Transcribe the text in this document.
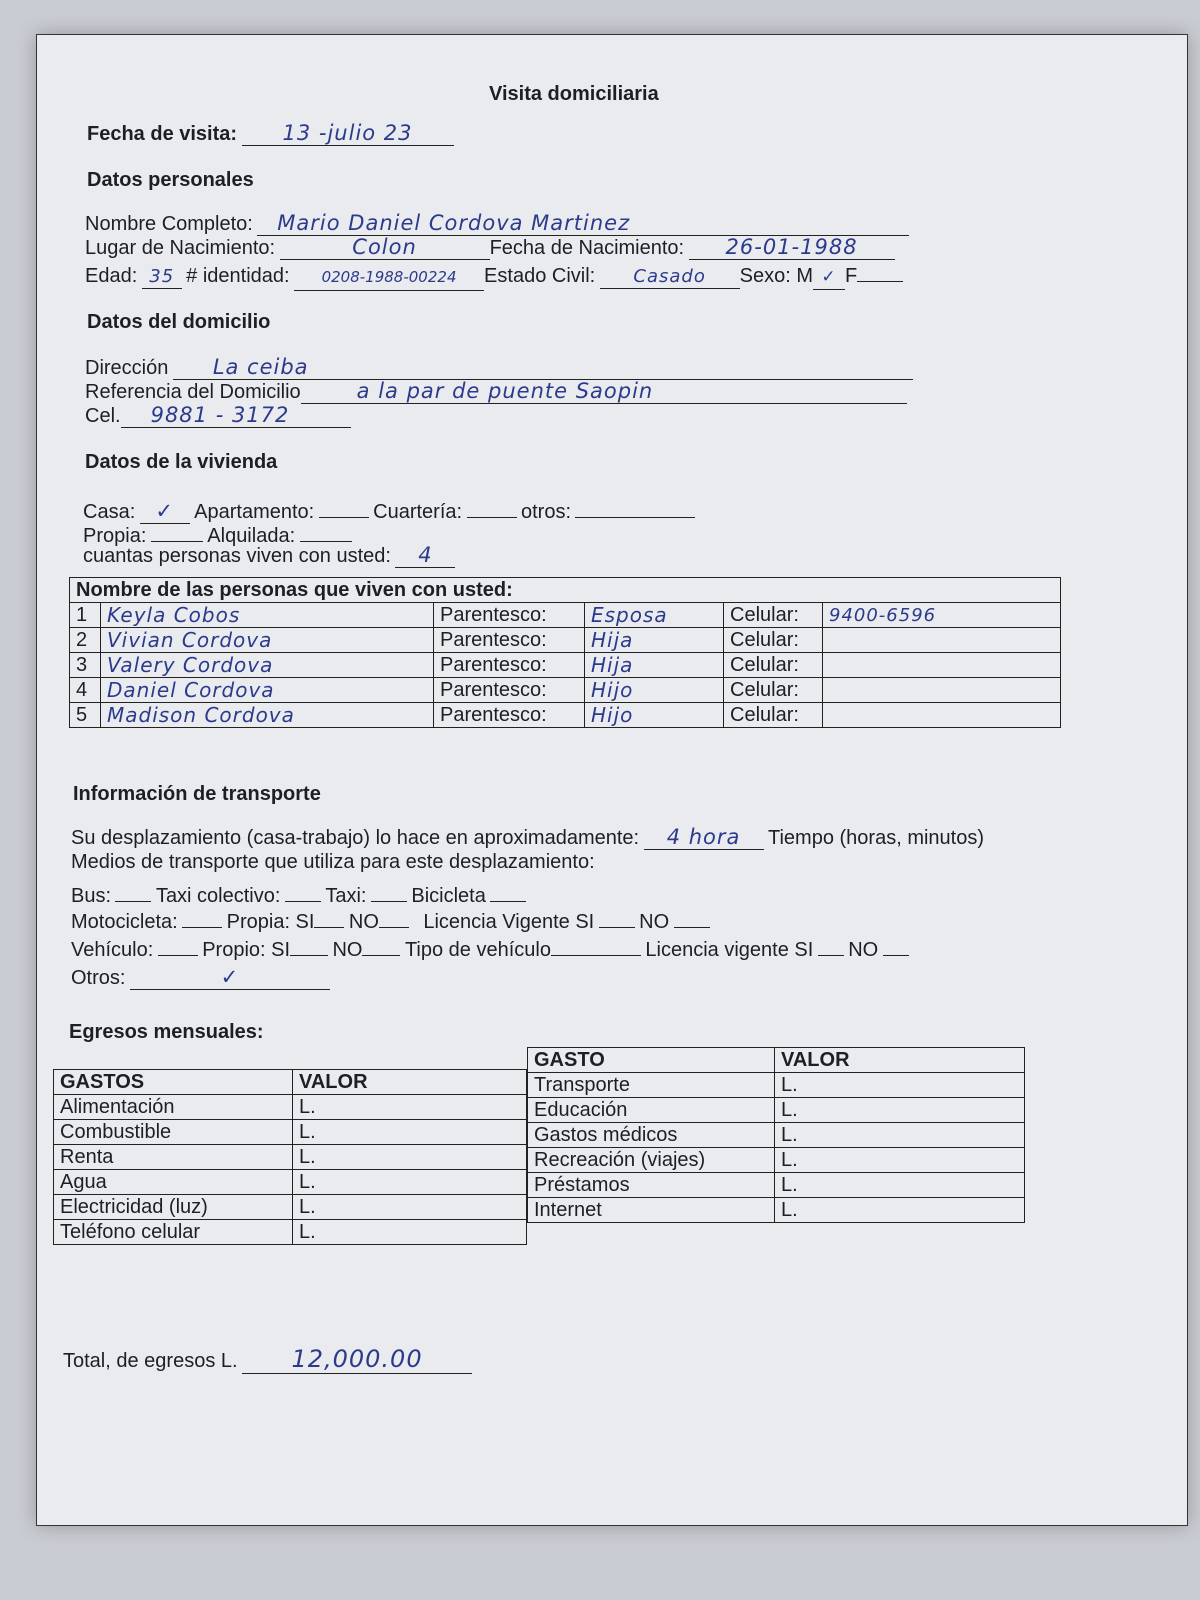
Visita domiciliaria
Fecha de visita: 13 -julio 23
Datos personales
Nombre Completo: Mario Daniel Cordova Martinez
Lugar de Nacimiento:	Colon	Fecha de Nacimiento: 26-01-1988
Edad: 35 # identidad: 0208-1988-00224 Estado Civil: Casado Sexo: M ✓ F
Datos del domicilio
Dirección La ceiba
Referencia del Domicilio	a la par de puente Saopin
Cel. 9881 - 3172
Datos de la vivienda
Casa: ✓ Apartamento:	Cuartería:	otros:
Propia:	Alquilada:
cuantas personas viven con usted: 4
Nombre de las personas que viven con usted:					
1	Keyla Cobos	Parentesco:	Esposa	Celular:	9400-6596
2	Vivian Cordova	Parentesco:	Hija	Celular:	
3	Valery Cordova	Parentesco:	Hija	Celular:	
4	Daniel Cordova	Parentesco:	Hijo	Celular:	
5	Madison Cordova	Parentesco:	Hijo	Celular:	
Información de transporte
Su desplazamiento (casa-trabajo) lo hace en aproximadamente: 4 hora Tiempo (horas, minutos)
Medios de transporte que utiliza para este desplazamiento:
Bus: Taxi colectivo: Taxi: Bicicleta
Motocicleta: Propia: SI NO Licencia Vigente SI NO
Vehículo: Propio: SI NO Tipo de vehículo	Licencia vigente SI NO
Otros:	✓
Egresos mensuales:
GASTOS	VALOR
Alimentación	L.
Combustible	L.
Renta	L.
Agua	L.
Electricidad (luz)	L.
Teléfono celular	L.
GASTO	VALOR
Transporte	L.
Educación	L.
Gastos médicos	L.
Recreación (viajes)	L.
Préstamos	L.
Internet	L.
Total, de egresos L. 12,000.00
